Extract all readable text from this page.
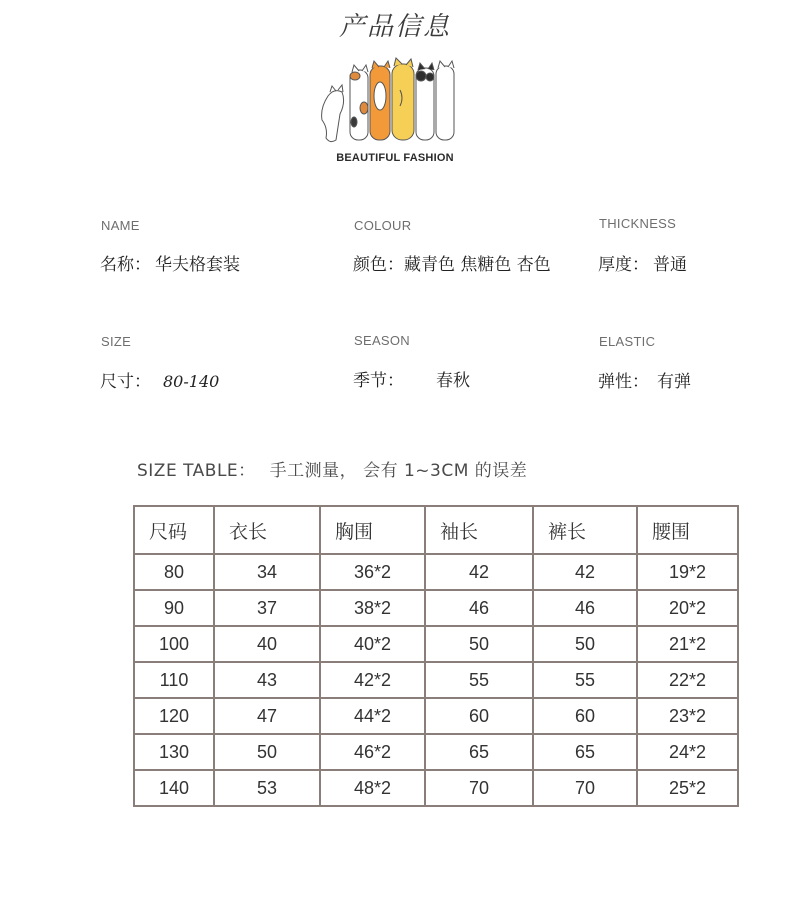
产品信息
BEAUTIFUL FASHION
NAME
名称： 华夫格套装
COLOUR
颜色：藏青色 焦糖色 杏色
THICKNESS
厚度： 普通
SIZE
尺寸： 80-140
SEASON
季节： 春秋
ELASTIC
弹性： 有弹
SIZE TABLE： 手工测量， 会有 1~3CM 的误差
尺码	衣长	胸围	袖长	裤长	腰围
80	34	36*2	42	42	19*2
90	37	38*2	46	46	20*2
100	40	40*2	50	50	21*2
110	43	42*2	55	55	22*2
120	47	44*2	60	60	23*2
130	50	46*2	65	65	24*2
140	53	48*2	70	70	25*2
